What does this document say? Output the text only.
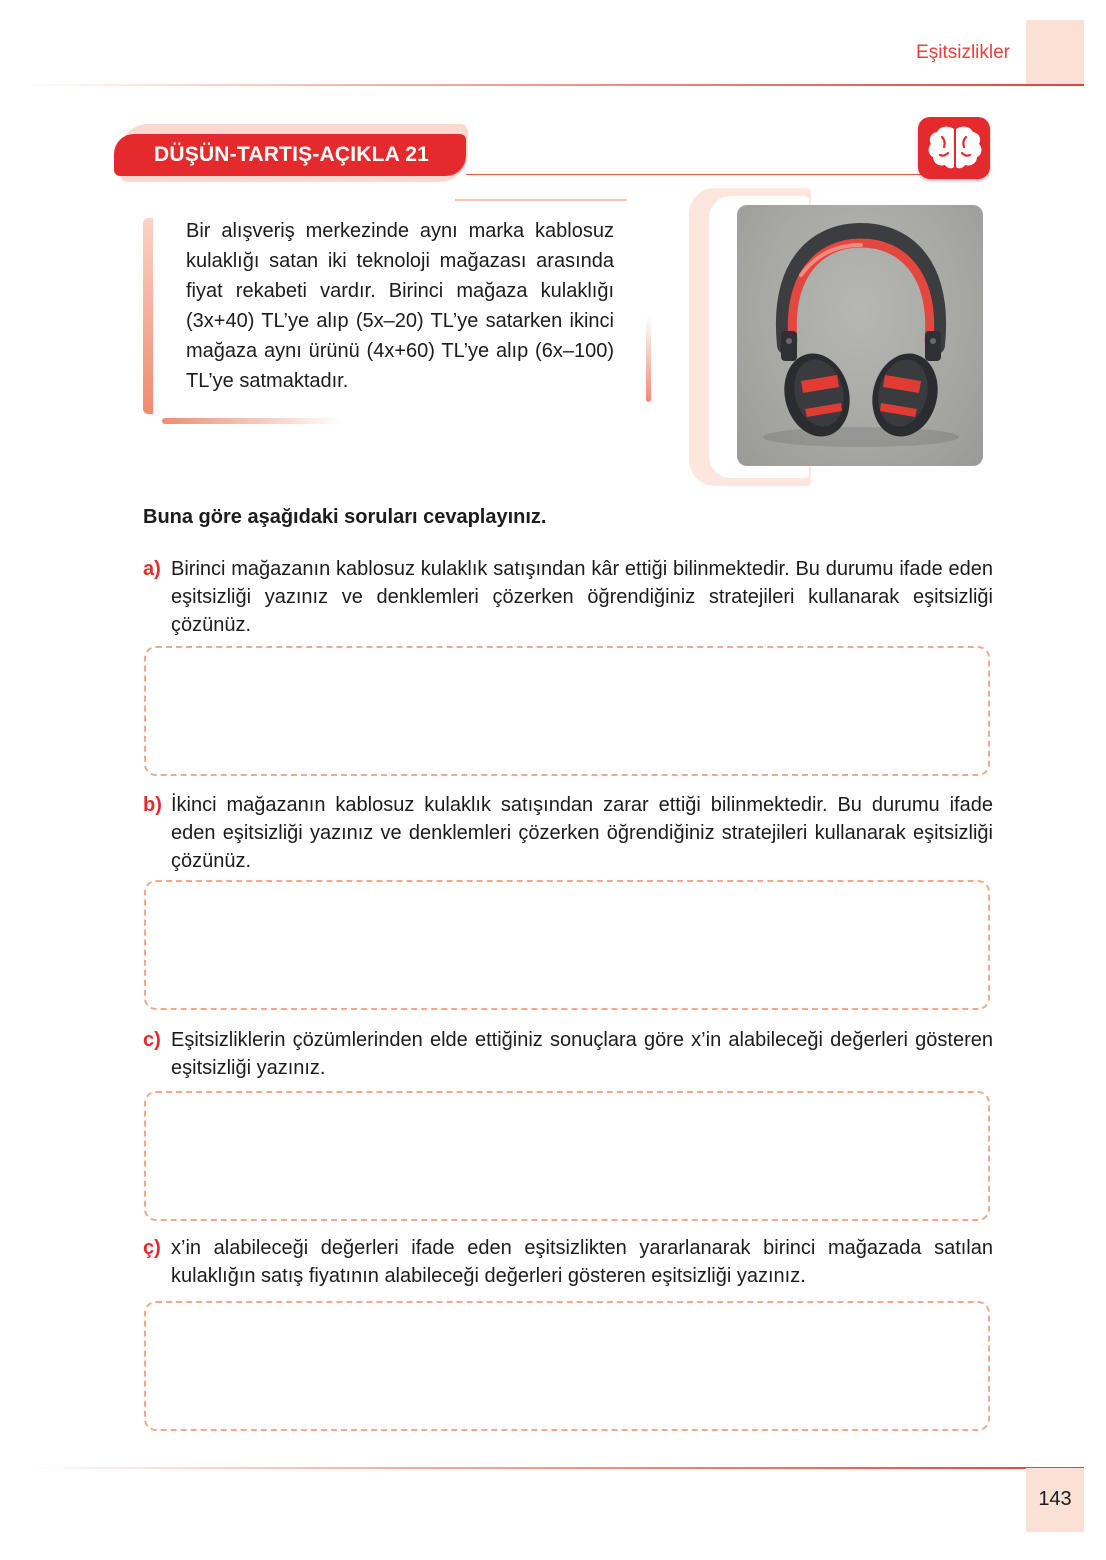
Eşitsizlikler
DÜŞÜN-TARTIŞ-AÇIKLA 21

Bir alışveriş merkezinde aynı marka kablosuz kulaklığı satan iki teknoloji mağazası arasında fiyat rekabeti vardır. Birinci mağaza kulaklığı (3x+40) TL’ye alıp (5x–20) TL’ye satarken ikinci mağaza aynı ürünü (4x+60) TL’ye alıp (6x–100) TL’ye satmaktadır.

Buna göre aşağıdaki soruları cevaplayınız.

a) Birinci mağazanın kablosuz kulaklık satışından kâr ettiği bilinmektedir. Bu durumu ifade eden eşitsizliği yazınız ve denklemleri çözerken öğrendiğiniz stratejileri kullanarak eşitsizliği çözünüz.
b) İkinci mağazanın kablosuz kulaklık satışından zarar ettiği bilinmektedir. Bu durumu ifade eden eşitsizliği yazınız ve denklemleri çözerken öğrendiğiniz stratejileri kullanarak eşitsizliği çözünüz.
c) Eşitsizliklerin çözümlerinden elde ettiğiniz sonuçlara göre x’in alabileceği değerleri gösteren eşitsizliği yazınız.
ç) x’in alabileceği değerleri ifade eden eşitsizlikten yararlanarak birinci mağazada satılan kulaklığın satış fiyatının alabileceği değerleri gösteren eşitsizliği yazınız.
143
